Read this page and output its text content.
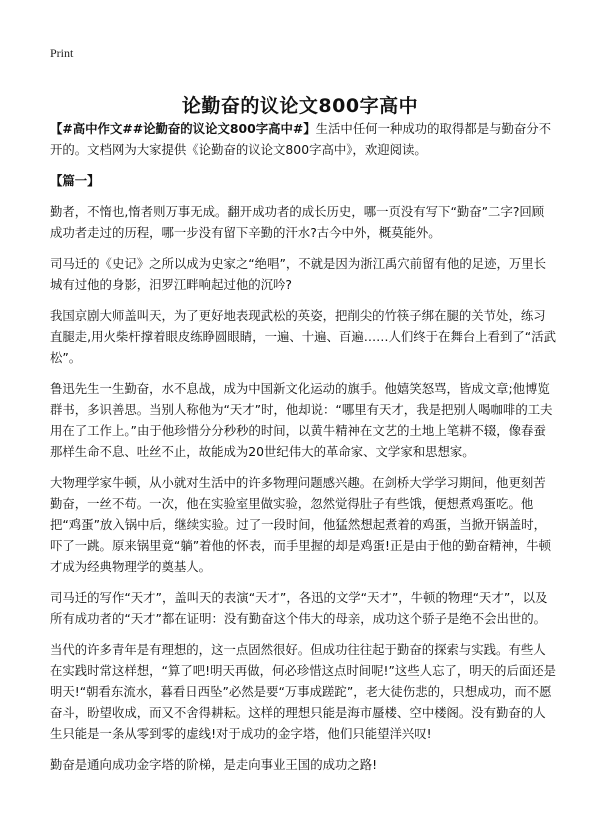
Print
论勤奋的议论文800字高中

【#高中作文##论勤奋的议论文800字高中#】生活中任何一种成功的取得都是与勤奋分不开的。文档网为大家提供《论勤奋的议论文800字高中》，欢迎阅读。

【篇一】

勤者，不惰也,惰者则万事无成。翻开成功者的成长历史，哪一页没有写下“勤奋”二字?回顾成功者走过的历程，哪一步没有留下辛勤的汗水?古今中外，概莫能外。

司马迁的《史记》之所以成为史家之“绝唱”，不就是因为浙江禹穴前留有他的足迹，万里长城有过他的身影，汨罗江畔响起过他的沉吟?

我国京剧大师盖叫天，为了更好地表现武松的英姿，把削尖的竹筷子绑在腿的关节处，练习直腿走,用火柴杆撑着眼皮练睁圆眼睛，一遍、十遍、百遍……人们终于在舞台上看到了“活武松”。

鲁迅先生一生勤奋，水不息战，成为中国新文化运动的旗手。他嬉笑怒骂，皆成文章;他博览群书，多识善思。当别人称他为“天才”时，他却说：“哪里有天才，我是把别人喝咖啡的工夫用在了工作上。”由于他珍惜分分秒秒的时间，以黄牛精神在文艺的土地上笔耕不辍，像春蚕那样生命不息、吐丝不止，故能成为20世纪伟大的革命家、文学家和思想家。

大物理学家牛顿，从小就对生活中的许多物理问题感兴趣。在剑桥大学学习期间，他更刻苦勤奋，一丝不苟。一次，他在实验室里做实验，忽然觉得肚子有些饿，便想煮鸡蛋吃。他把“鸡蛋”放入锅中后，继续实验。过了一段时间，他猛然想起煮着的鸡蛋，当掀开锅盖时，吓了一跳。原来锅里竟“躺”着他的怀表，而手里握的却是鸡蛋!正是由于他的勤奋精神，牛顿才成为经典物理学的奠基人。

司马迁的写作“天才”，盖叫天的表演“天才”，各迅的文学“天才”，牛顿的物理“天才”，以及所有成功者的“天才”都在证明：没有勤奋这个伟大的母亲，成功这个骄子是绝不会出世的。

当代的许多青年是有理想的，这一点固然很好。但成功往往起于勤奋的探索与实践。有些人在实践时常这样想，“算了吧!明天再做，何必珍惜这点时间呢!”这些人忘了，明天的后面还是明天!“朝看东流水，暮看日西坠”必然是要“万事成蹉跎”，老大徒伤悲的，只想成功，而不愿奋斗，盼望收成，而又不舍得耕耘。这样的理想只能是海市蜃楼、空中楼阁。没有勤奋的人生只能是一条从零到零的虚线!对于成功的金字塔，他们只能望洋兴叹!

勤奋是通向成功金字塔的阶梯，是走向事业王国的成功之路!
